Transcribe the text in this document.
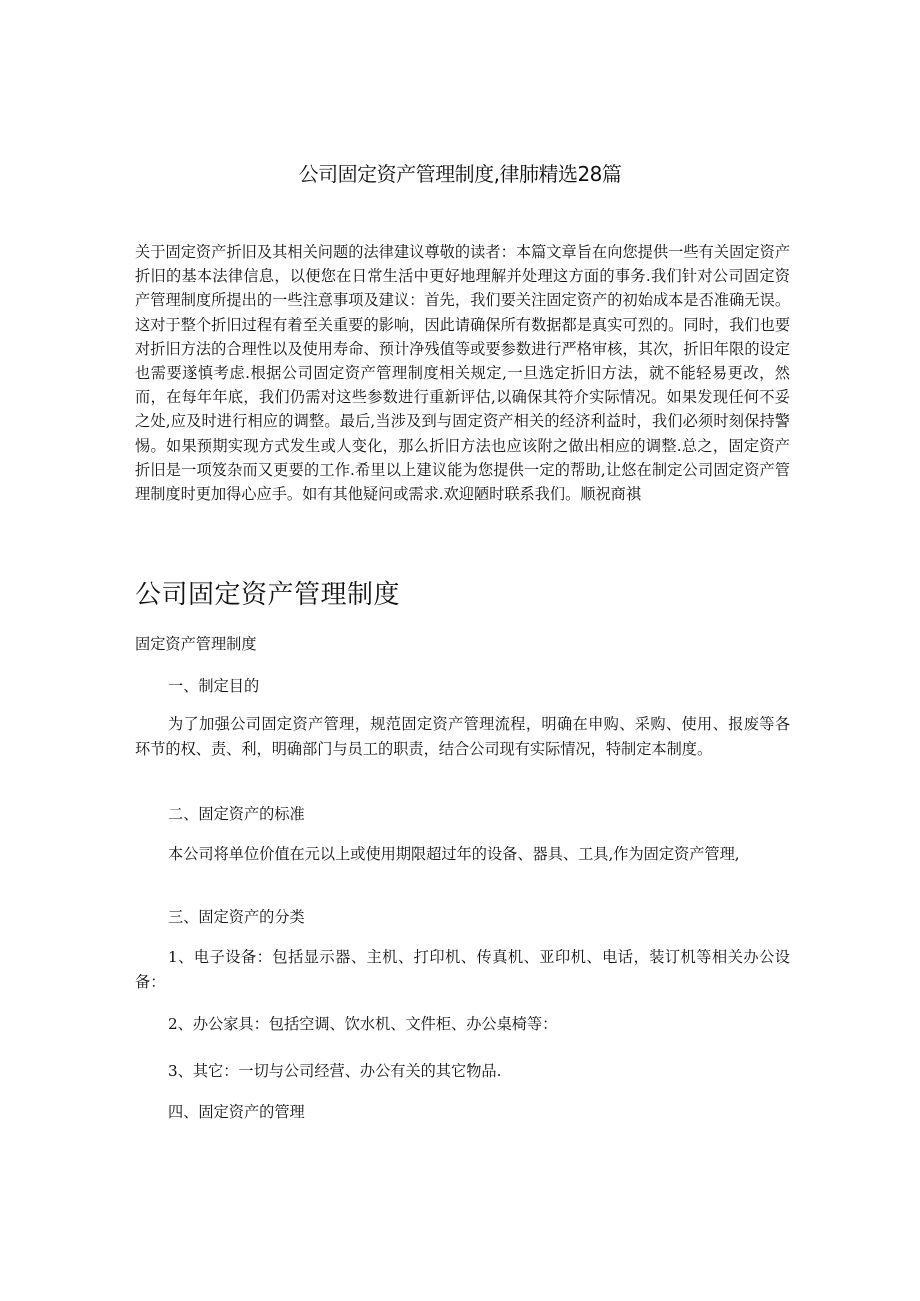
公司固定资产管理制度,律肺精选28篇

关于固定资产折旧及其相关问题的法律建议尊敬的读者：本篇文章旨在向您提供一些有关固定资产折旧的基本法律信息，以便您在日常生活中更好地理解并处理这方面的事务.我们针对公司固定资产管理制度所提出的一些注意事项及建议：首先，我们要关注固定资产的初始成本是否准确无误。这对于整个折旧过程有着至关重要的影响，因此请确保所有数据都是真实可烈的。同时，我们也要对折旧方法的合理性以及使用寿命、预计净残值等或要参数进行严格审核，其次，折旧年限的设定也需要遂慎考虑.根据公司固定资产管理制度相关规定,一旦选定折旧方法，就不能轻易更改，然而，在每年年底，我们仍需对这些参数进行重新评估,以确保其符介实际情况。如果发现任何不妥之处,应及时进行相应的调整。最后,当涉及到与固定资产相关的经济利益时，我们必须时刻保持警惕。如果预期实现方式发生或人变化，那么折旧方法也应该附之做出相应的调整.总之，固定资产折旧是一项笈杂而又更要的工作.希里以上建议能为您提供一定的帮助,让悠在制定公司固定资产管理制度时更加得心应手。如有其他疑问或需求.欢迎陋时联系我们。顺祝商祺

公司固定资产管理制度

固定资产管理制度

一、制定目的

为了加强公司固定资产管理，规范固定资产管理流程，明确在申购、采购、使用、报废等各环节的权、责、利，明确部门与员工的职责，结合公司现有实际情况，特制定本制度。

二、固定资产的标准

本公司将单位价值在元以上或使用期限超过年的设备、器具、工具,作为固定资产管理,

三、固定资产的分类

1、电子设备：包括显示器、主机、打印机、传真机、亚印机、电话，装订机等相关办公设备：

2、办公家具：包括空调、饮水机、文件柜、办公桌椅等：

3、其它：一切与公司经营、办公有关的其它物品.

四、固定资产的管理
